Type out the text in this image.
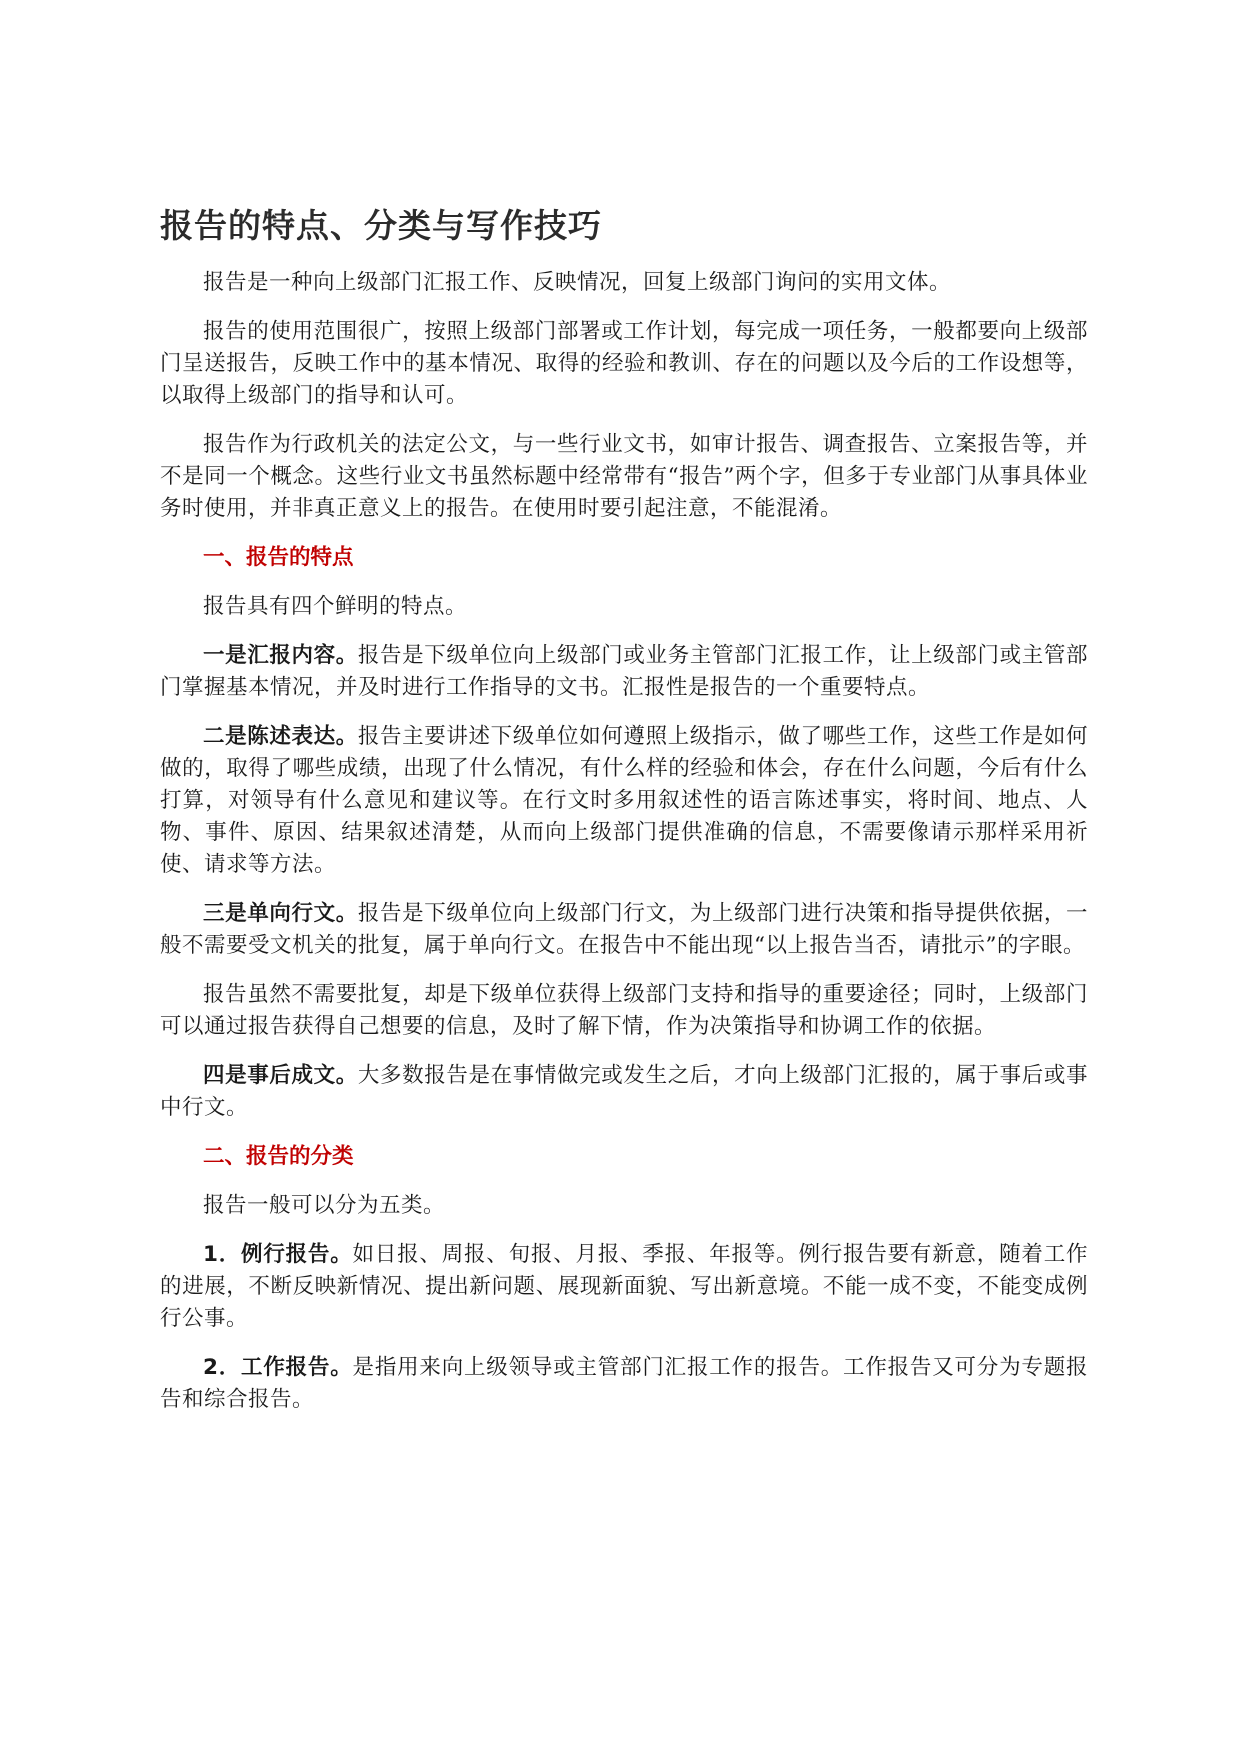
报告的特点、分类与写作技巧

报告是一种向上级部门汇报工作、反映情况，回复上级部门询问的实用文体。

报告的使用范围很广，按照上级部门部署或工作计划，每完成一项任务，一般都要向上级部门呈送报告，反映工作中的基本情况、取得的经验和教训、存在的问题以及今后的工作设想等，以取得上级部门的指导和认可。

报告作为行政机关的法定公文，与一些行业文书，如审计报告、调查报告、立案报告等，并不是同一个概念。这些行业文书虽然标题中经常带有“报告”两个字，但多于专业部门从事具体业务时使用，并非真正意义上的报告。在使用时要引起注意，不能混淆。

一、报告的特点

报告具有四个鲜明的特点。

一是汇报内容。报告是下级单位向上级部门或业务主管部门汇报工作，让上级部门或主管部门掌握基本情况，并及时进行工作指导的文书。汇报性是报告的一个重要特点。

二是陈述表达。报告主要讲述下级单位如何遵照上级指示，做了哪些工作，这些工作是如何做的，取得了哪些成绩，出现了什么情况，有什么样的经验和体会，存在什么问题，今后有什么打算，对领导有什么意见和建议等。在行文时多用叙述性的语言陈述事实，将时间、地点、人物、事件、原因、结果叙述清楚，从而向上级部门提供准确的信息，不需要像请示那样采用祈使、请求等方法。

三是单向行文。报告是下级单位向上级部门行文，为上级部门进行决策和指导提供依据，一般不需要受文机关的批复，属于单向行文。在报告中不能出现“以上报告当否，请批示”的字眼。

报告虽然不需要批复，却是下级单位获得上级部门支持和指导的重要途径；同时，上级部门可以通过报告获得自己想要的信息，及时了解下情，作为决策指导和协调工作的依据。

四是事后成文。大多数报告是在事情做完或发生之后，才向上级部门汇报的，属于事后或事中行文。

二、报告的分类

报告一般可以分为五类。

1．例行报告。如日报、周报、旬报、月报、季报、年报等。例行报告要有新意，随着工作的进展，不断反映新情况、提出新问题、展现新面貌、写出新意境。不能一成不变，不能变成例行公事。

2．工作报告。是指用来向上级领导或主管部门汇报工作的报告。工作报告又可分为专题报告和综合报告。
